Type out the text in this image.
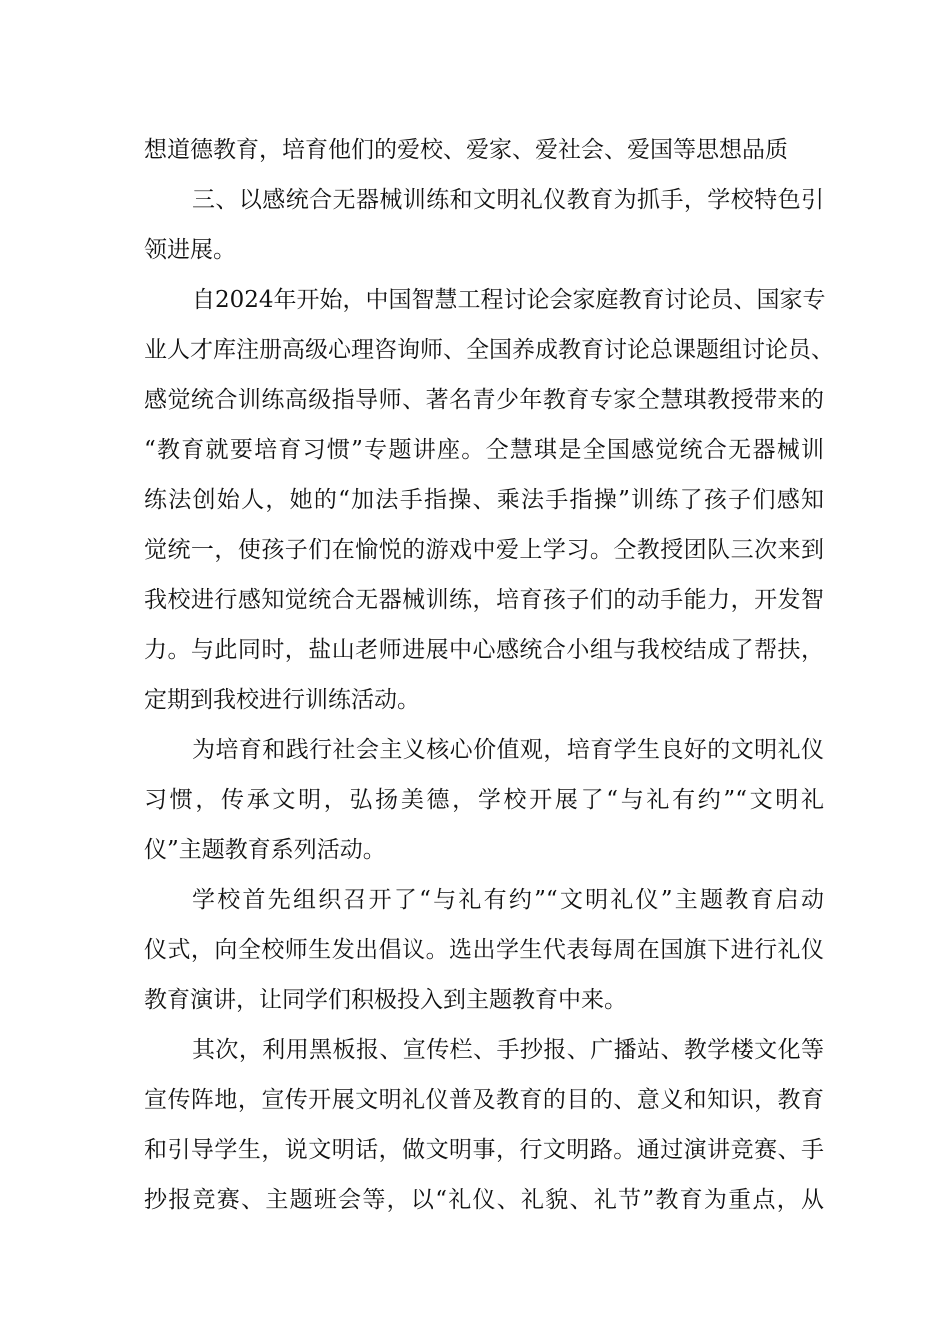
想道德教育，培育他们的爱校、爱家、爱社会、爱国等思想品质
三、以感统合无器械训练和文明礼仪教育为抓手，学校特色引
领进展。
自2024年开始，中国智慧工程讨论会家庭教育讨论员、国家专
业人才库注册高级心理咨询师、全国养成教育讨论总课题组讨论员、
感觉统合训练高级指导师、著名青少年教育专家仝慧琪教授带来的
“教育就要培育习惯”专题讲座。仝慧琪是全国感觉统合无器械训
练法创始人，她的“加法手指操、乘法手指操”训练了孩子们感知
觉统一，使孩子们在愉悦的游戏中爱上学习。仝教授团队三次来到
我校进行感知觉统合无器械训练，培育孩子们的动手能力，开发智
力。与此同时，盐山老师进展中心感统合小组与我校结成了帮扶，
定期到我校进行训练活动。
为培育和践行社会主义核心价值观，培育学生良好的文明礼仪
习惯，传承文明，弘扬美德，学校开展了“与礼有约”“文明礼
仪”主题教育系列活动。
学校首先组织召开了“与礼有约”“文明礼仪”主题教育启动
仪式，向全校师生发出倡议。选出学生代表每周在国旗下进行礼仪
教育演讲，让同学们积极投入到主题教育中来。
其次，利用黑板报、宣传栏、手抄报、广播站、教学楼文化等
宣传阵地，宣传开展文明礼仪普及教育的目的、意义和知识，教育
和引导学生，说文明话，做文明事，行文明路。通过演讲竞赛、手
抄报竞赛、主题班会等，以“礼仪、礼貌、礼节”教育为重点，从
